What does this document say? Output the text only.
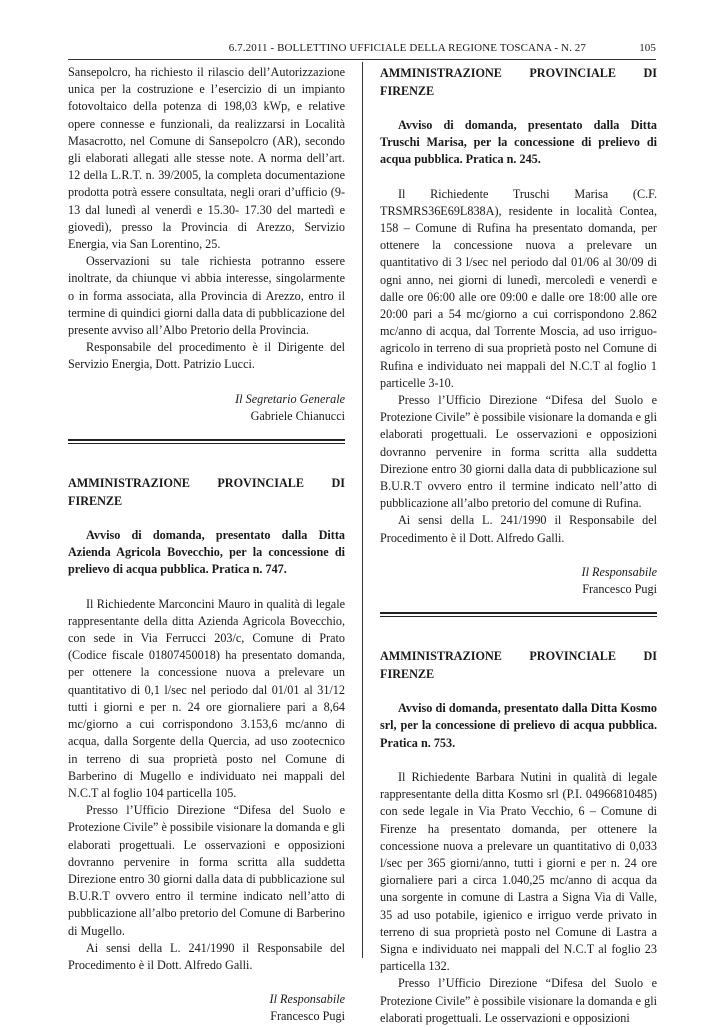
6.7.2011 - BOLLETTINO UFFICIALE DELLA REGIONE TOSCANA - N. 27	105

Sansepolcro, ha richiesto il rilascio dell’Autorizzazione unica per la costruzione e l’esercizio di un impianto fotovoltaico della potenza di 198,03 kWp, e relative opere connesse e funzionali, da realizzarsi in Località Masacrotto, nel Comune di Sansepolcro (AR), secondo gli elaborati allegati alle stesse note. A norma dell’art. 12 della L.R.T. n. 39/2005, la completa documentazione prodotta potrà essere consultata, negli orari d’ufficio (9-13 dal lunedì al venerdì e 15.30- 17.30 del martedì e giovedì), presso la Provincia di Arezzo, Servizio Energia, via San Lorentino, 25.

Osservazioni su tale richiesta potranno essere inoltrate, da chiunque vi abbia interesse, singolarmente o in forma associata, alla Provincia di Arezzo, entro il termine di quindici giorni dalla data di pubblicazione del presente avviso all’Albo Pretorio della Provincia.

Responsabile del procedimento è il Dirigente del Servizio Energia, Dott. Patrizio Lucci.

Il Segretario Generale

Gabriele Chianucci

AMMINISTRAZIONE PROVINCIALE DI FIRENZE

Avviso di domanda, presentato dalla Ditta Azienda Agricola Bovecchio, per la concessione di prelievo di acqua pubblica. Pratica n. 747.

Il Richiedente Marconcini Mauro in qualità di legale rappresentante della ditta Azienda Agricola Bovecchio, con sede in Via Ferrucci 203/c, Comune di Prato (Codice fiscale 01807450018) ha presentato domanda, per ottenere la concessione nuova a prelevare un quantitativo di 0,1 l/sec nel periodo dal 01/01 al 31/12 tutti i giorni e per n. 24 ore giornaliere pari a 8,64 mc/giorno a cui corrispondono 3.153,6 mc/anno di acqua, dalla Sorgente della Quercia, ad uso zootecnico in terreno di sua proprietà posto nel Comune di Barberino di Mugello e individuato nei mappali del N.C.T al foglio 104 particella 105.

Presso l’Ufficio Direzione “Difesa del Suolo e Protezione Civile” è possibile visionare la domanda e gli elaborati progettuali. Le osservazioni e opposizioni dovranno pervenire in forma scritta alla suddetta Direzione entro 30 giorni dalla data di pubblicazione sul B.U.R.T ovvero entro il termine indicato nell’atto di pubblicazione all’albo pretorio del Comune di Barberino di Mugello.

Ai sensi della L. 241/1990 il Responsabile del Procedimento è il Dott. Alfredo Galli.

Il Responsabile

Francesco Pugi

AMMINISTRAZIONE PROVINCIALE DI FIRENZE

Avviso di domanda, presentato dalla Ditta Truschi Marisa, per la concessione di prelievo di acqua pubblica. Pratica n. 245.

Il Richiedente Truschi Marisa (C.F. TRSMRS36E69L838A), residente in località Contea, 158 – Comune di Rufina ha presentato domanda, per ottenere la concessione nuova a prelevare un quantitativo di 3 l/sec nel periodo dal 01/06 al 30/09 di ogni anno, nei giorni di lunedì, mercoledì e venerdì e dalle ore 06:00 alle ore 09:00 e dalle ore 18:00 alle ore 20:00 pari a 54 mc/giorno a cui corrispondono 2.862 mc/anno di acqua, dal Torrente Moscia, ad uso irriguo-agricolo in terreno di sua proprietà posto nel Comune di Rufina e individuato nei mappali del N.C.T al foglio 1 particelle 3-10.

Presso l’Ufficio Direzione “Difesa del Suolo e Protezione Civile” è possibile visionare la domanda e gli elaborati progettuali. Le osservazioni e opposizioni dovranno pervenire in forma scritta alla suddetta Direzione entro 30 giorni dalla data di pubblicazione sul B.U.R.T ovvero entro il termine indicato nell’atto di pubblicazione all’albo pretorio del comune di Rufina.

Ai sensi della L. 241/1990 il Responsabile del Procedimento è il Dott. Alfredo Galli.

Il Responsabile

Francesco Pugi

AMMINISTRAZIONE PROVINCIALE DI FIRENZE

Avviso di domanda, presentato dalla Ditta Kosmo srl, per la concessione di prelievo di acqua pubblica. Pratica n. 753.

Il Richiedente Barbara Nutini in qualità di legale rappresentante della ditta Kosmo srl (P.I. 04966810485) con sede legale in Via Prato Vecchio, 6 – Comune di Firenze ha presentato domanda, per ottenere la concessione nuova a prelevare un quantitativo di 0,033 l/sec per 365 giorni/anno, tutti i giorni e per n. 24 ore giornaliere pari a circa 1.040,25 mc/anno di acqua da una sorgente in comune di Lastra a Signa Via di Valle, 35 ad uso potabile, igienico e irriguo verde privato in terreno di sua proprietà posto nel Comune di Lastra a Signa e individuato nei mappali del N.C.T al foglio 23 particella 132.

Presso l’Ufficio Direzione “Difesa del Suolo e Protezione Civile” è possibile visionare la domanda e gli elaborati progettuali. Le osservazioni e opposizioni
